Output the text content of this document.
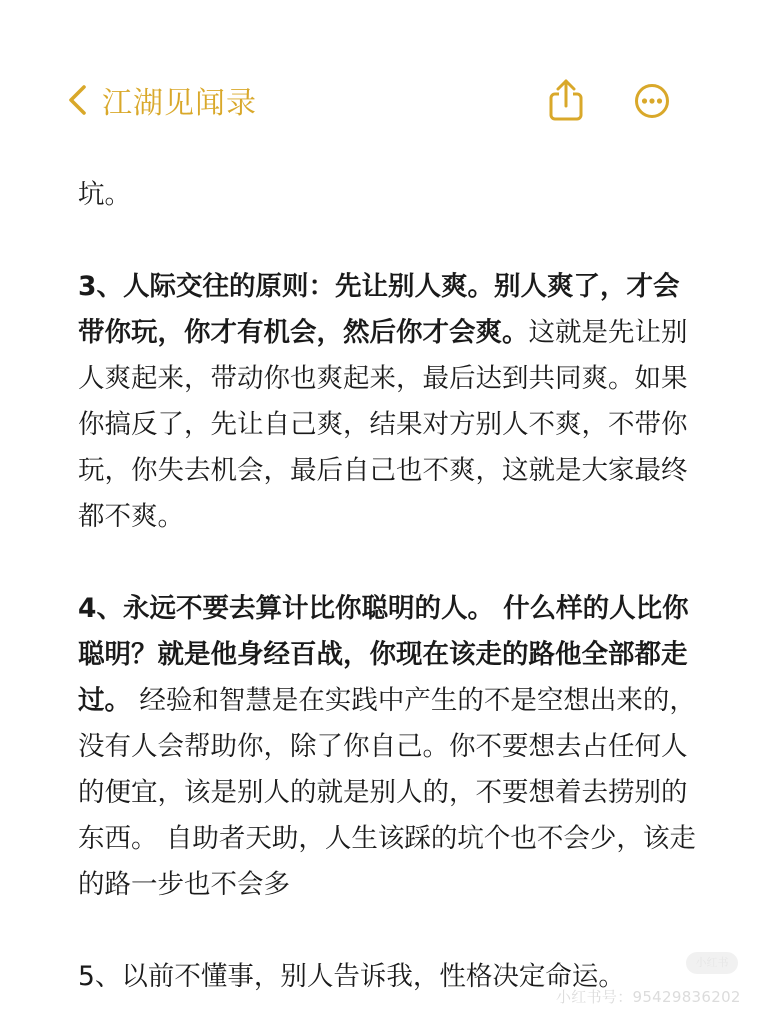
江湖见闻录

坑。

3、人际交往的原则：先让别人爽。别人爽了，才会带你玩，你才有机会，然后你才会爽。这就是先让别人爽起来，带动你也爽起来，最后达到共同爽。如果你搞反了，先让自己爽，结果对方别人不爽，不带你玩，你失去机会，最后自己也不爽，这就是大家最终都不爽。

4、永远不要去算计比你聪明的人。 什么样的人比你聪明？就是他身经百战，你现在该走的路他全部都走过。 经验和智慧是在实践中产生的不是空想出来的，没有人会帮助你，除了你自己。你不要想去占任何人的便宜，该是别人的就是别人的，不要想着去捞别的东西。 自助者天助，人生该踩的坑个也不会少，该走的路一步也不会多

5、以前不懂事，别人告诉我，性格决定命运。	小红书
小红书号：95429836202
